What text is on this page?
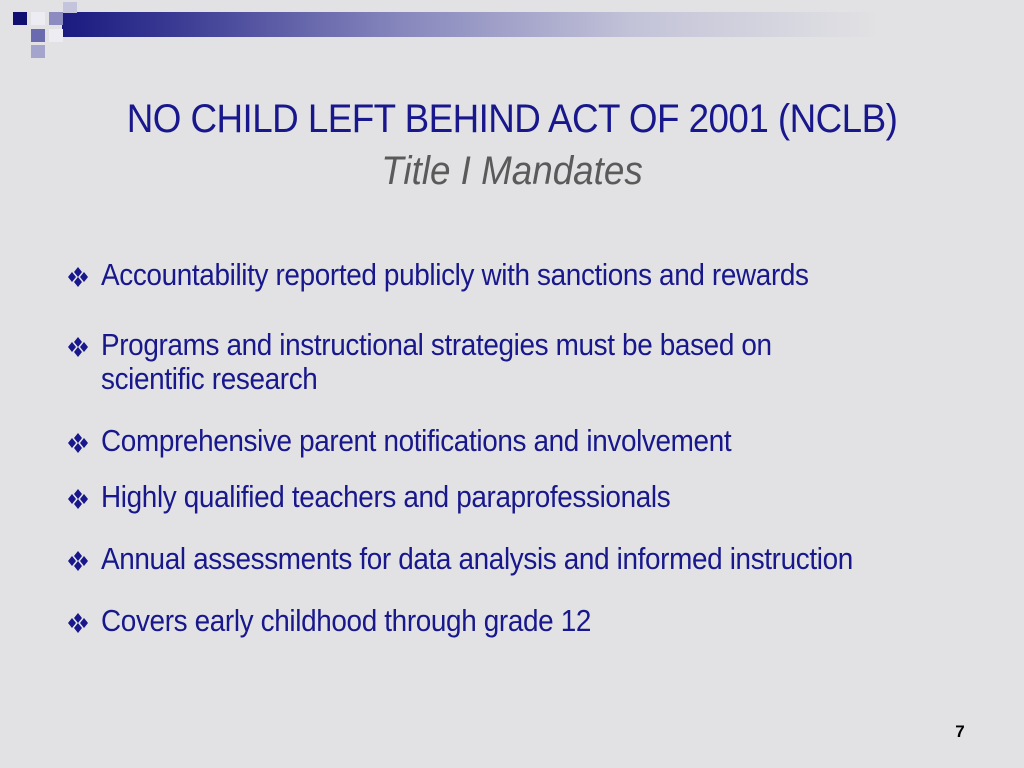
NO CHILD LEFT BEHIND ACT OF 2001 (NCLB)
Title I Mandates
Accountability reported publicly with sanctions and rewards
Programs and instructional strategies must be based on
scientific research
Comprehensive parent notifications and involvement
Highly qualified teachers and paraprofessionals
Annual assessments for data analysis and informed instruction
Covers early childhood through grade 12
7
